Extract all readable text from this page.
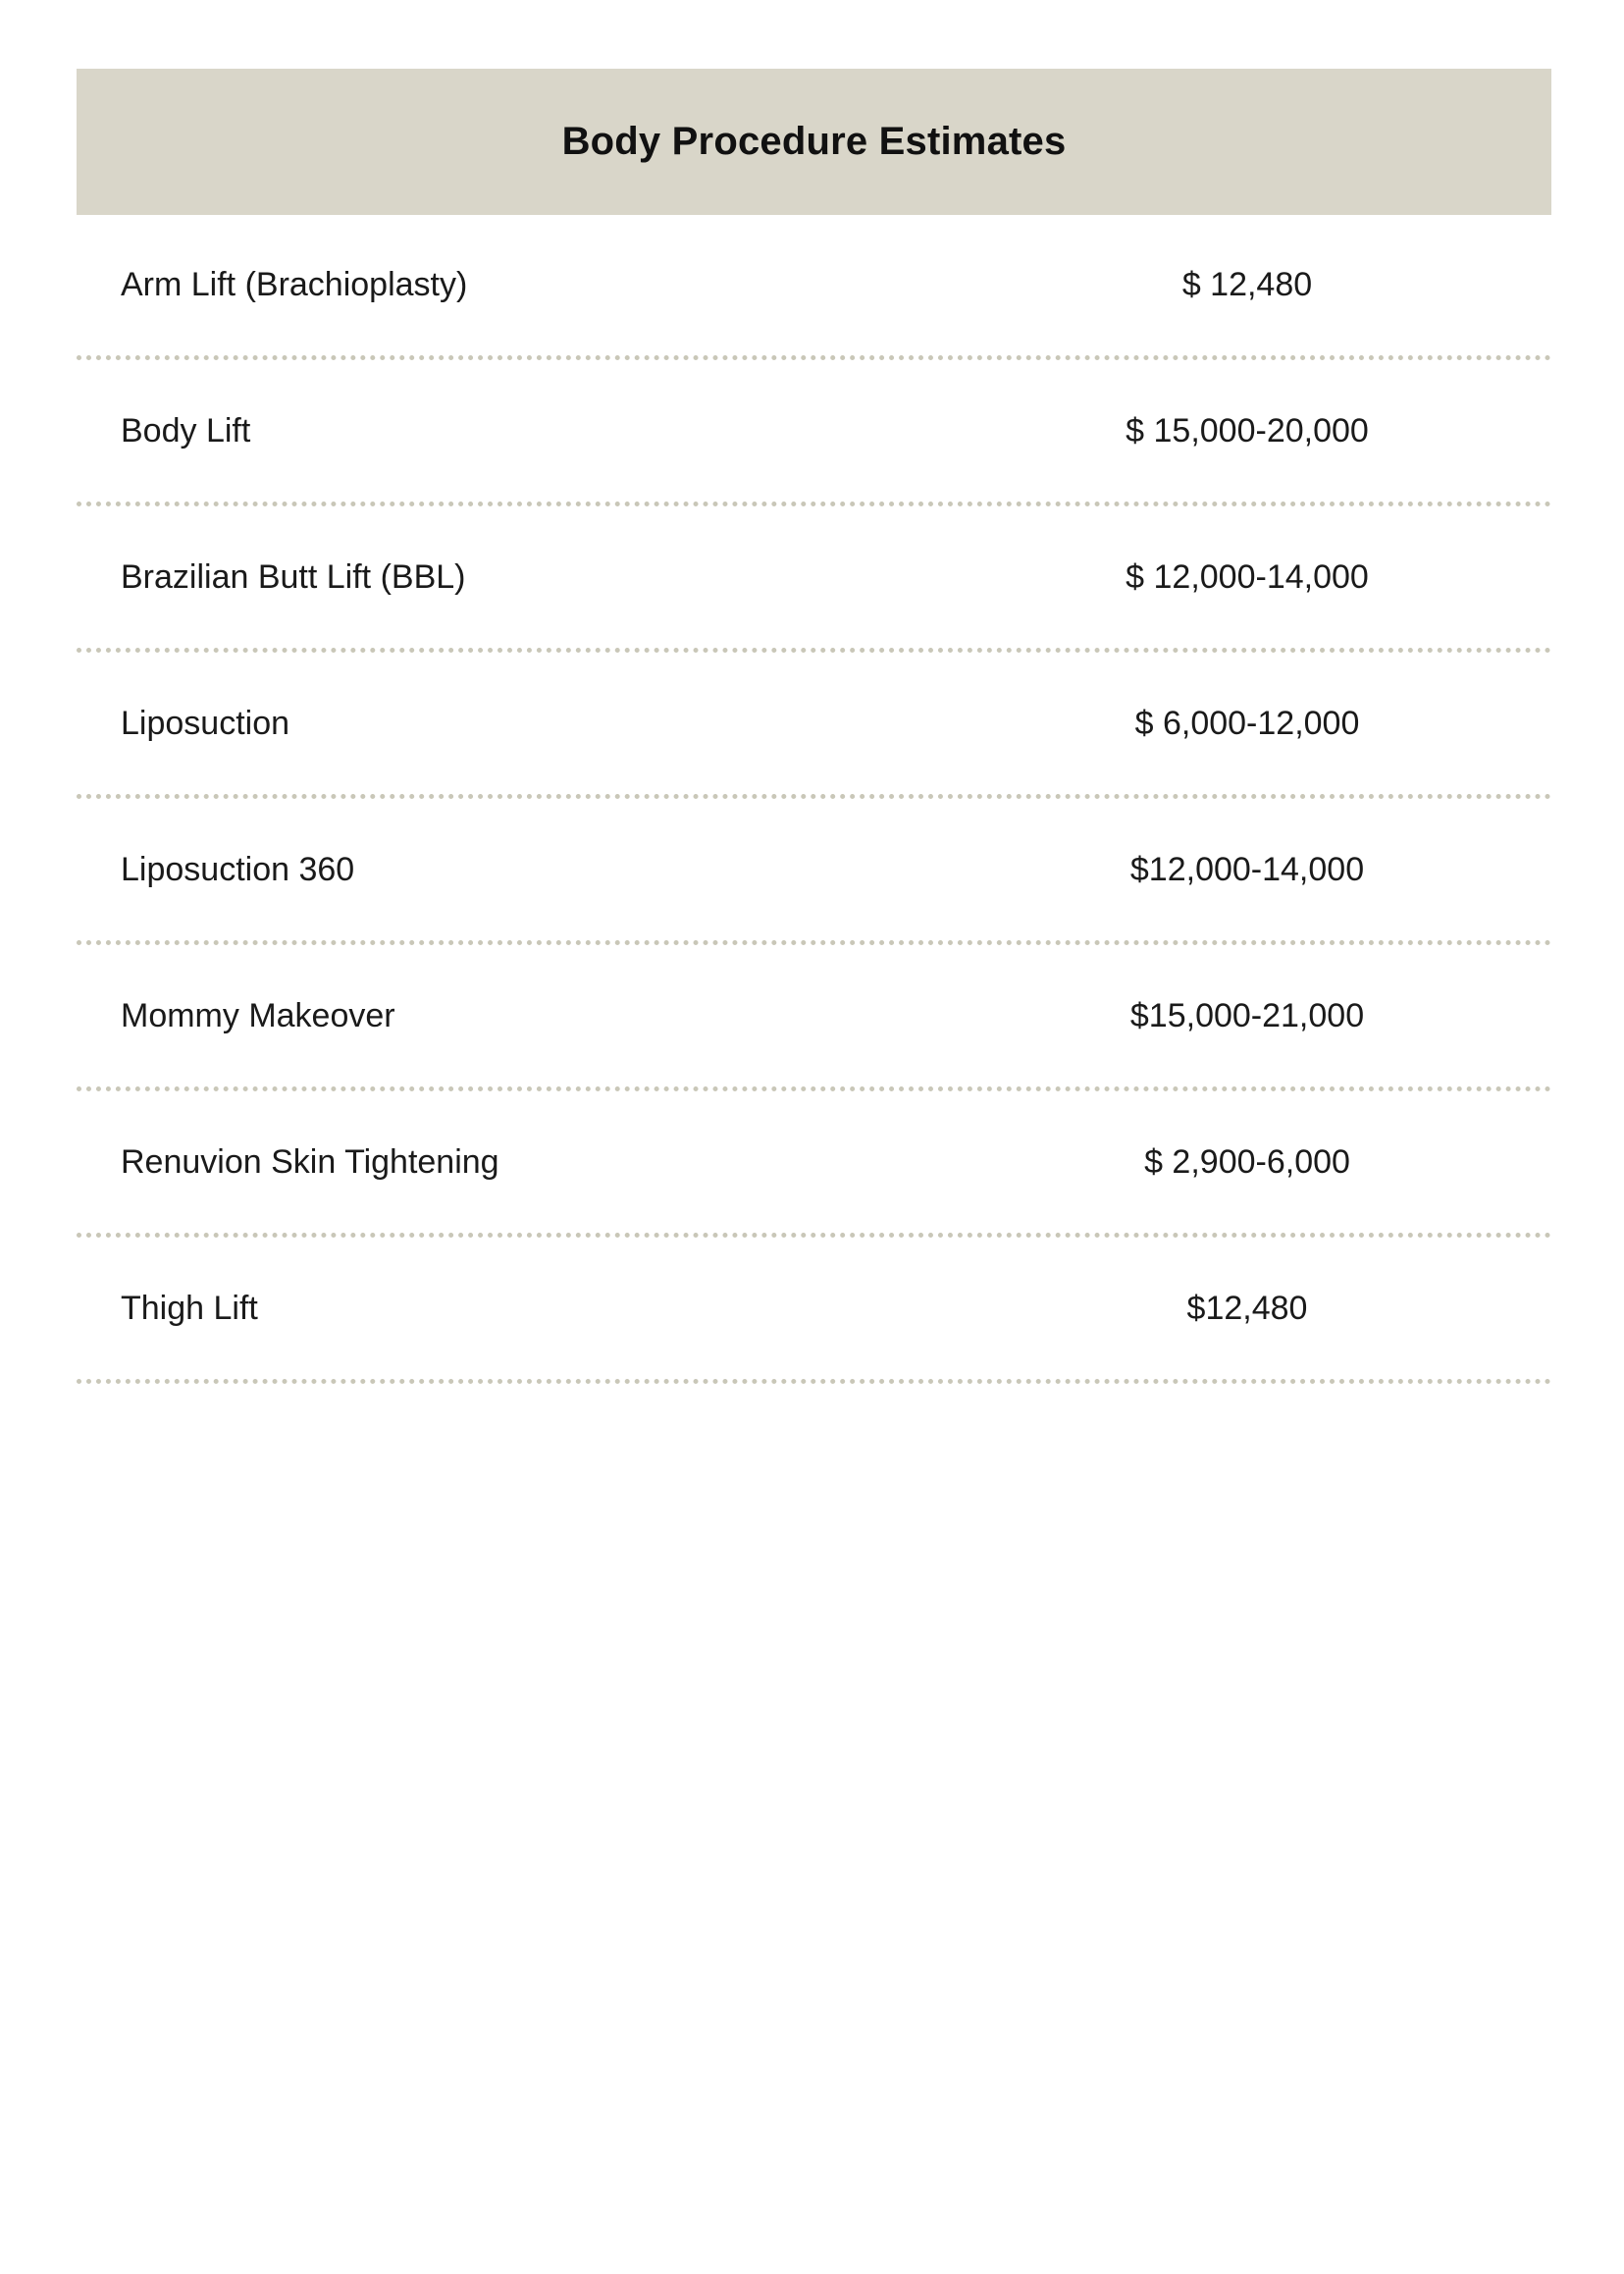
Body Procedure Estimates
Arm Lift (Brachioplasty)	$ 12,480
Body Lift	$ 15,000-20,000
Brazilian Butt Lift (BBL)	$ 12,000-14,000
Liposuction	$ 6,000-12,000
Liposuction 360	$12,000-14,000
Mommy Makeover	$15,000-21,000
Renuvion Skin Tightening	$ 2,900-6,000
Thigh Lift	$12,480
